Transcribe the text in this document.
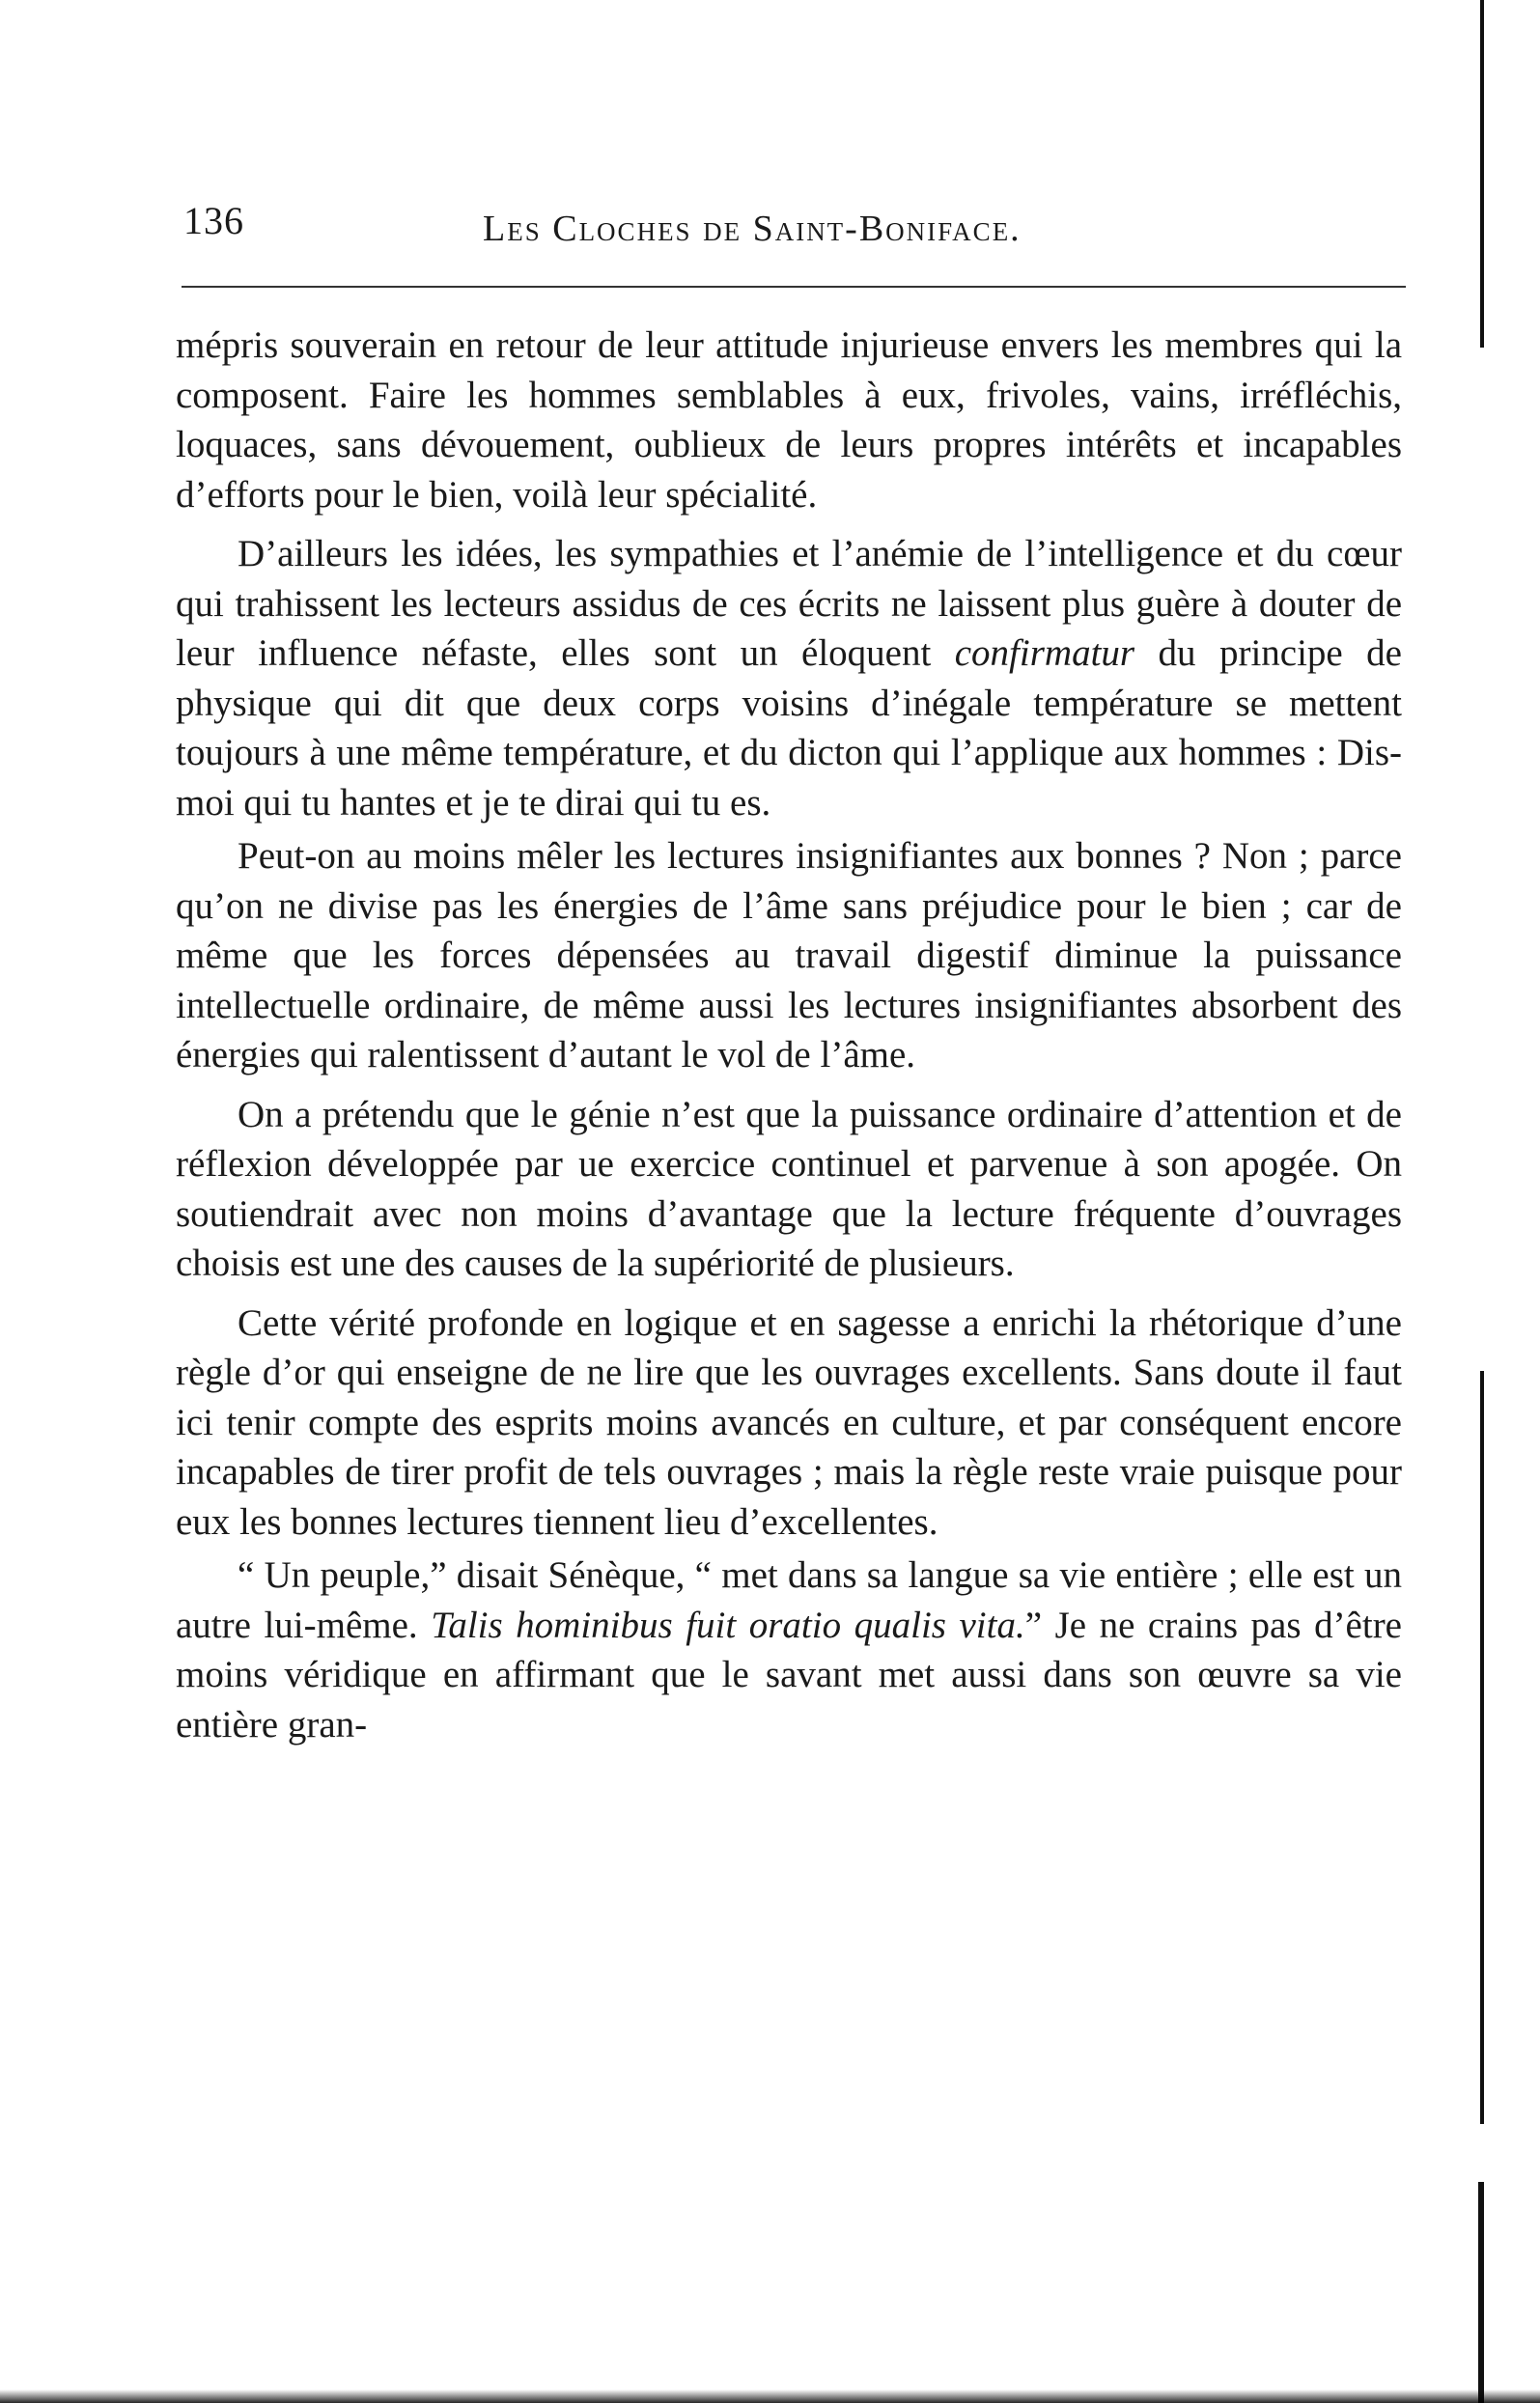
136	Les Cloches de Saint-Boniface.

mépris souverain en retour de leur attitude injurieuse envers les membres qui la composent. Faire les hommes semblables à eux, frivoles, vains, irréfléchis, loquaces, sans dévouement, oublieux de leurs propres intérêts et incapables d’efforts pour le bien, voilà leur spécialité.

D’ailleurs les idées, les sympathies et l’anémie de l’intelligence et du cœur qui trahissent les lecteurs assidus de ces écrits ne laissent plus guère à douter de leur influence néfaste, elles sont un éloquent confirmatur du principe de physique qui dit que deux corps voisins d’inégale température se mettent toujours à une même température, et du dicton qui l’applique aux hommes : Dis-moi qui tu hantes et je te dirai qui tu es.

Peut-on au moins mêler les lectures insignifiantes aux bonnes ? Non ; parce qu’on ne divise pas les énergies de l’âme sans préjudice pour le bien ; car de même que les forces dépensées au travail digestif diminue la puissance intellectuelle ordinaire, de même aussi les lectures insignifiantes absorbent des énergies qui ralentissent d’autant le vol de l’âme.

On a prétendu que le génie n’est que la puissance ordinaire d’attention et de réflexion développée par ue exercice continuel et parvenue à son apogée. On soutiendrait avec non moins d’avantage que la lecture fréquente d’ouvrages choisis est une des causes de la supériorité de plusieurs.

Cette vérité profonde en logique et en sagesse a enrichi la rhétorique d’une règle d’or qui enseigne de ne lire que les ouvrages excellents. Sans doute il faut ici tenir compte des esprits moins avancés en culture, et par conséquent encore incapables de tirer profit de tels ouvrages ; mais la règle reste vraie puisque pour eux les bonnes lectures tiennent lieu d’excellentes.

“ Un peuple,” disait Sénèque, “ met dans sa langue sa vie entière ; elle est un autre lui-même. Talis hominibus fuit oratio qualis vita.” Je ne crains pas d’être moins véridique en affirmant que le savant met aussi dans son œuvre sa vie entière gran-
